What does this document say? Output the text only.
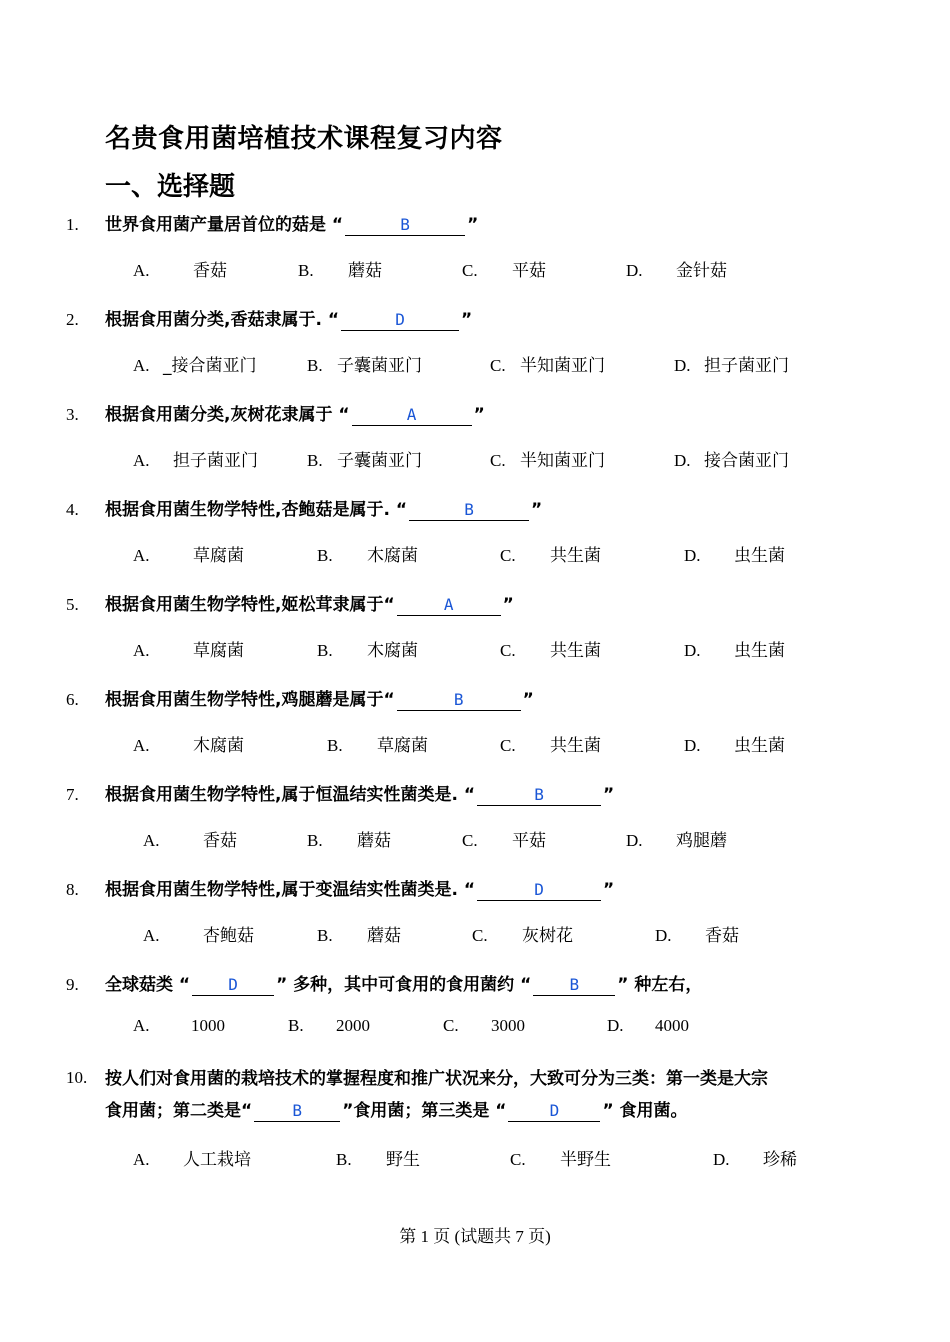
名贵食用菌培植技术课程复习内容
一、选择题
1. 世界食用菌产量居首位的菇是 “	B	”
A.	香菇	B. 蘑菇	C. 平菇	D. 金针菇
2. 根据食用菌分类,香菇隶属于. “	D	”
A. _接合菌亚门	B. 子囊菌亚门	C. 半知菌亚门	D. 担子菌亚门
3. 根据食用菌分类,灰树花隶属于 “	A	”
A. 担子菌亚门	B. 子囊菌亚门	C. 半知菌亚门	D. 接合菌亚门
4. 根据食用菌生物学特性,杏鲍菇是属于. “	B	”
A.	草腐菌	B. 木腐菌	C. 共生菌	D. 虫生菌
5. 根据食用菌生物学特性,姬松茸隶属于“	A	”
A.	草腐菌	B. 木腐菌	C. 共生菌	D. 虫生菌
6. 根据食用菌生物学特性,鸡腿蘑是属于“	B	”
A.	木腐菌	B. 草腐菌	C. 共生菌	D. 虫生菌
7. 根据食用菌生物学特性,属于恒温结实性菌类是. “	B	”
A.	香菇	B. 蘑菇	C. 平菇	D. 鸡腿蘑
8. 根据食用菌生物学特性,属于变温结实性菌类是. “	D	”
A.	杏鲍菇	B. 蘑菇	C. 灰树花	D. 香菇
9. 全球菇类 “ D ” 多种，其中可食用的食用菌约 “ B ” 种左右，
A. 1000	B. 2000	C. 3000	D. 4000
10. 按人们对食用菌的栽培技术的掌握程度和推广状况来分，大致可分为三类：第一类是大宗
食用菌；第二类是“	B ”食用菌；第三类是 “	D	” 食用菌。
A. 人工栽培	B. 野生	C. 半野生	D. 珍稀
第 1 页 (试题共 7 页)
